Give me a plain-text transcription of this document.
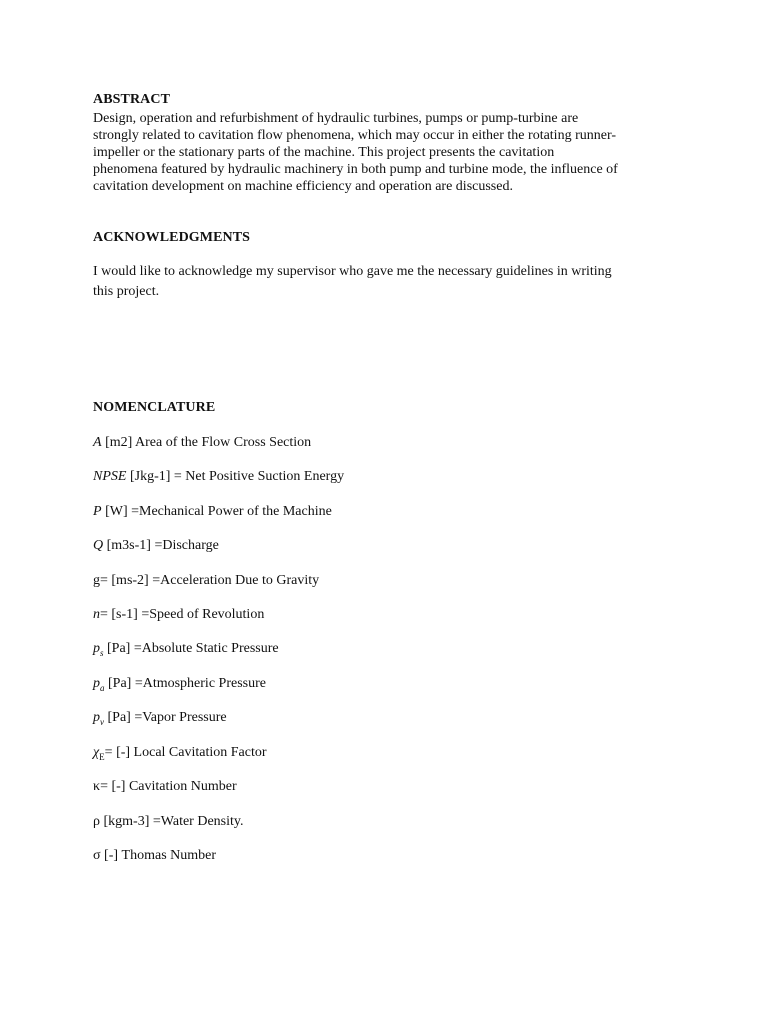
ABSTRACT
Design, operation and refurbishment of hydraulic turbines, pumps or pump-turbine are
strongly related to cavitation flow phenomena, which may occur in either the rotating runner-
impeller or the stationary parts of the machine. This project presents the cavitation
phenomena featured by hydraulic machinery in both pump and turbine mode, the influence of
cavitation development on machine efficiency and operation are discussed.
ACKNOWLEDGMENTS
I would like to acknowledge my supervisor who gave me the necessary guidelines in writing
this project.
NOMENCLATURE
A [m2] Area of the Flow Cross Section
NPSE [Jkg-1] = Net Positive Suction Energy
P [W] =Mechanical Power of the Machine
Q [m3s-1] =Discharge
g= [ms-2] =Acceleration Due to Gravity
n= [s-1] =Speed of Revolution
$p_s$ [Pa] =Absolute Static Pressure
$p_a$ [Pa] =Atmospheric Pressure
$p_v$ [Pa] =Vapor Pressure
$\chi_E=$ [-] Local Cavitation Factor
κ= [-] Cavitation Number
ρ [kgm-3] =Water Density.
σ [-] Thomas Number
